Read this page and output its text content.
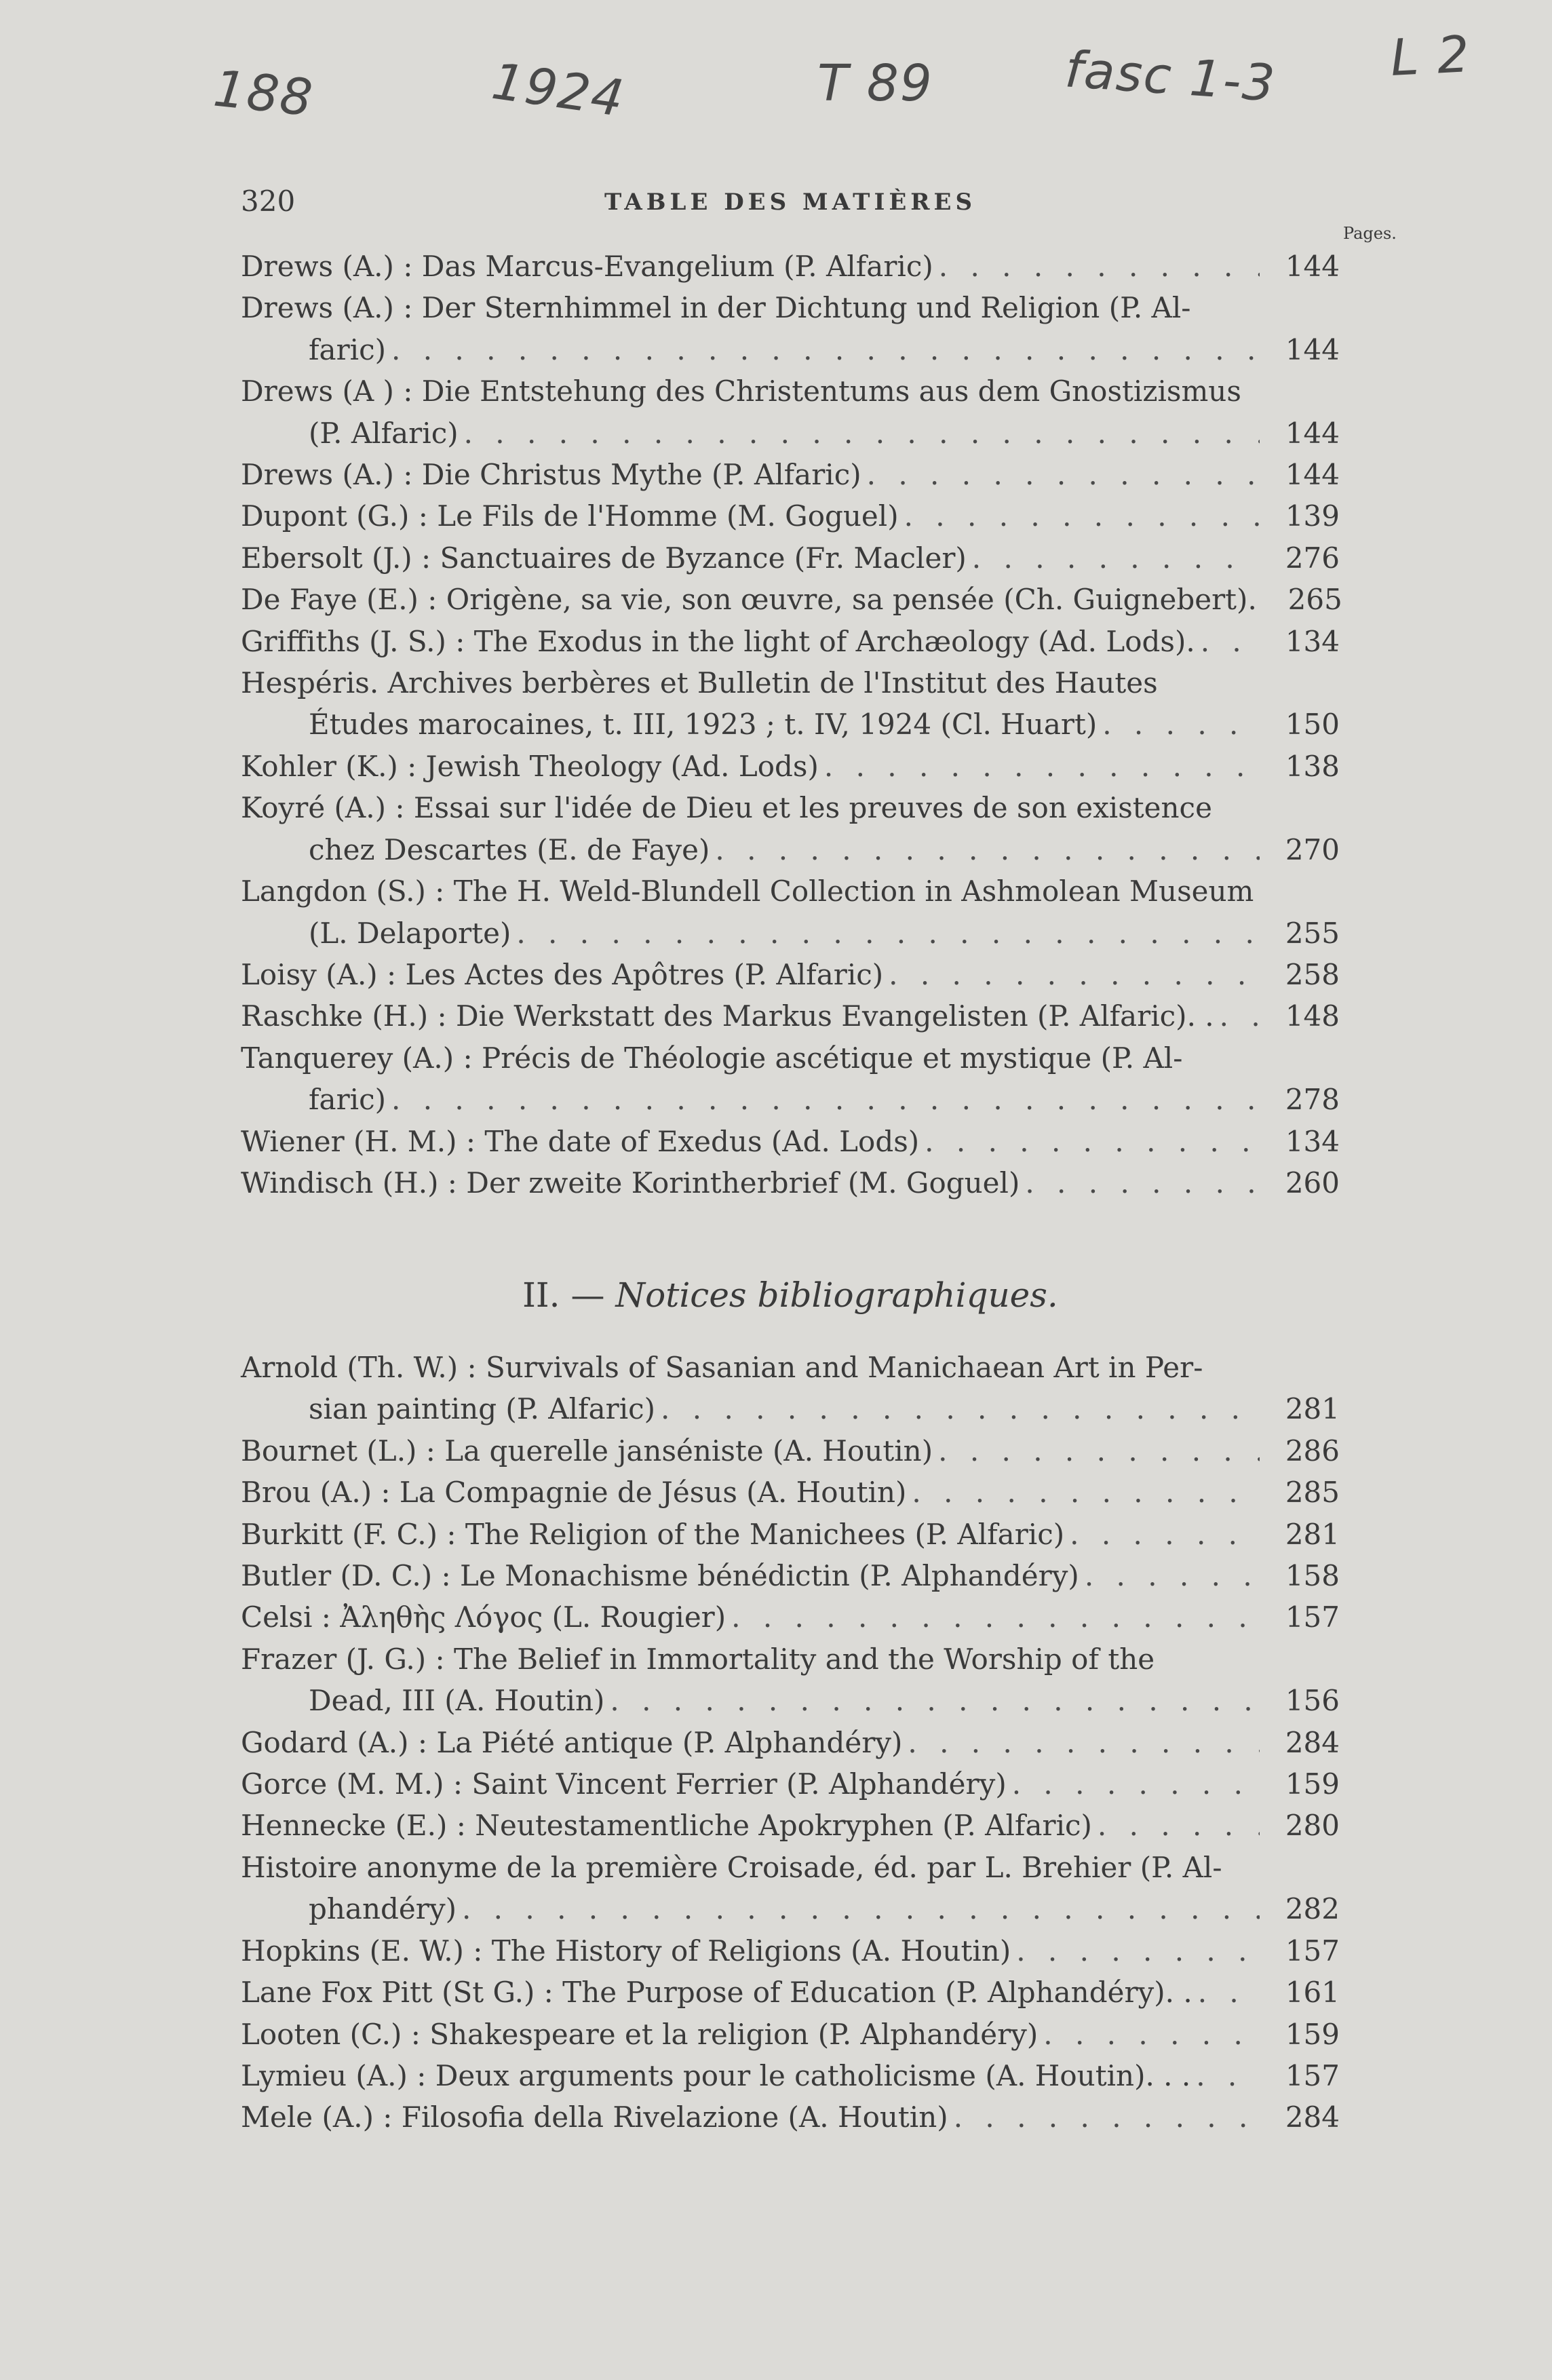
188	1924	T 89	fasc 1-3 L 2
320	TABLE DES MATIÈRES
Pages.
Drews (A.) : Das Marcus-Evangelium (P. Alfaric) . . .	144
Drews (A.) : Der Sternhimmel in der Dichtung und Religion (P. Al-
faric) . . .	144
Drews (A ) : Die Entstehung des Christentums aus dem Gnostizismus
(P. Alfaric) . . .	144
Drews (A.) : Die Christus Mythe (P. Alfaric) . . .	144
Dupont (G.) : Le Fils de l'Homme (M. Goguel) . . .	139
Ebersolt (J.) : Sanctuaires de Byzance (Fr. Macler) . . .	276
De Faye (E.) : Origène, sa vie, son œuvre, sa pensée (Ch. Guignebert).	265
Griffiths (J. S.) : The Exodus in the light of Archæology (Ad. Lods). . . .	134
Hespéris. Archives berbères et Bulletin de l'Institut des Hautes
Études marocaines, t. III, 1923 ; t. IV, 1924 (Cl. Huart) . . .	150
Kohler (K.) : Jewish Theology (Ad. Lods) . . .	138
Koyré (A.) : Essai sur l'idée de Dieu et les preuves de son existence
chez Descartes (E. de Faye) . . .	270
Langdon (S.) : The H. Weld-Blundell Collection in Ashmolean Museum
(L. Delaporte) . . .	255
Loisy (A.) : Les Actes des Apôtres (P. Alfaric) . . .	258
Raschke (H.) : Die Werkstatt des Markus Evangelisten (P. Alfaric). . . . .	148
Tanquerey (A.) : Précis de Théologie ascétique et mystique (P. Al-
faric) . . .	278
Wiener (H. M.) : The date of Exedus (Ad. Lods) . . .	134
Windisch (H.) : Der zweite Korintherbrief (M. Goguel) . . .	260
II. — Notices bibliographiques.
Arnold (Th. W.) : Survivals of Sasanian and Manichaean Art in Per-
sian painting (P. Alfaric) . . .	281
Bournet (L.) : La querelle janséniste (A. Houtin) . . .	286
Brou (A.) : La Compagnie de Jésus (A. Houtin) . . .	285
Burkitt (F. C.) : The Religion of the Manichees (P. Alfaric) . . .	281
Butler (D. C.) : Le Monachisme bénédictin (P. Alphandéry) . . .	158
Celsi : Ἀληθὴς Λόγος (L. Rougier) . . .	157
Frazer (J. G.) : The Belief in Immortality and the Worship of the
Dead, III (A. Houtin) . . .	156
Godard (A.) : La Piété antique (P. Alphandéry) . . .	284
Gorce (M. M.) : Saint Vincent Ferrier (P. Alphandéry) . . .	159
Hennecke (E.) : Neutestamentliche Apokryphen (P. Alfaric) . . .	280
Histoire anonyme de la première Croisade, éd. par L. Brehier (P. Al-
phandéry) . . .	282
Hopkins (E. W.) : The History of Religions (A. Houtin) . . .	157
Lane Fox Pitt (St G.) : The Purpose of Education (P. Alphandéry). . . . .	161
Looten (C.) : Shakespeare et la religion (P. Alphandéry) . . .	159
Lymieu (A.) : Deux arguments pour le catholicisme (A. Houtin). . . . . .	157
Mele (A.) : Filosofia della Rivelazione (A. Houtin) . . .	284
